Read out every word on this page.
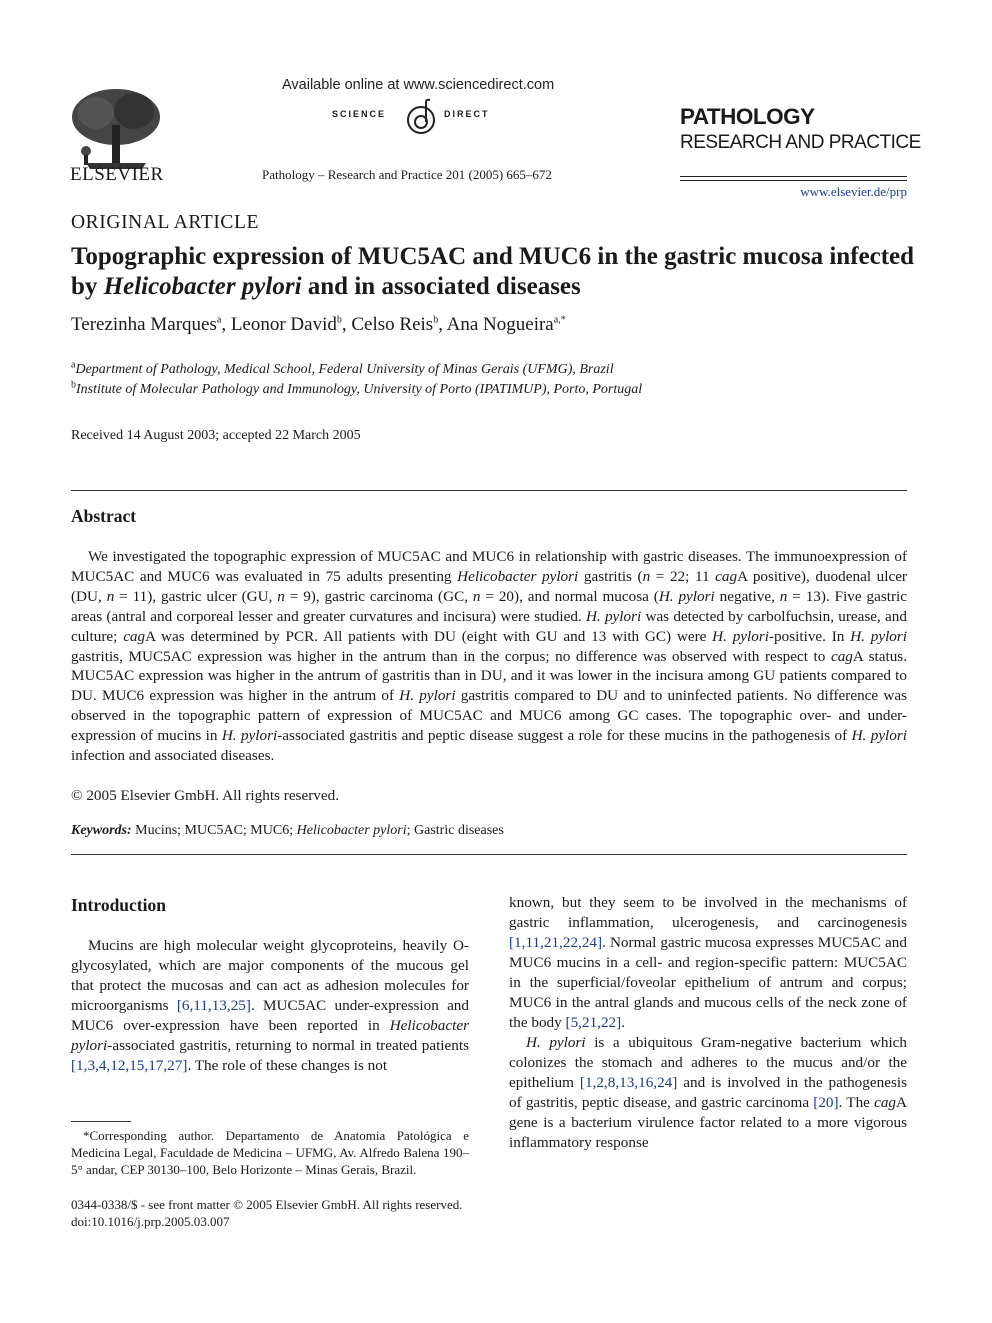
ELSEVIER
Available online at www.sciencedirect.com
SCIENCE	DIRECT
Pathology – Research and Practice 201 (2005) 665–672
PATHOLOGY
RESEARCH AND PRACTICE
www.elsevier.de/prp
ORIGINAL ARTICLE
Topographic expression of MUC5AC and MUC6 in the gastric mucosa infected by Helicobacter pylori and in associated diseases
Terezinha Marques$^a$, Leonor David$^b$, Celso Reis$^b$, Ana Nogueira$^{a,*}$
$^a$Department of Pathology, Medical School, Federal University of Minas Gerais (UFMG), Brazil
$^b$Institute of Molecular Pathology and Immunology, University of Porto (IPATIMUP), Porto, Portugal
Received 14 August 2003; accepted 22 March 2005
Abstract

We investigated the topographic expression of MUC5AC and MUC6 in relationship with gastric diseases. The immunoexpression of MUC5AC and MUC6 was evaluated in 75 adults presenting Helicobacter pylori gastritis (n = 22; 11 cagA positive), duodenal ulcer (DU, n = 11), gastric ulcer (GU, n = 9), gastric carcinoma (GC, n = 20), and normal mucosa (H. pylori negative, n = 13). Five gastric areas (antral and corporeal lesser and greater curvatures and incisura) were studied. H. pylori was detected by carbolfuchsin, urease, and culture; cagA was determined by PCR. All patients with DU (eight with GU and 13 with GC) were H. pylori-positive. In H. pylori gastritis, MUC5AC expression was higher in the antrum than in the corpus; no difference was observed with respect to cagA status. MUC5AC expression was higher in the antrum of gastritis than in DU, and it was lower in the incisura among GU patients compared to DU. MUC6 expression was higher in the antrum of H. pylori gastritis compared to DU and to uninfected patients. No difference was observed in the topographic pattern of expression of MUC5AC and MUC6 among GC cases. The topographic over- and under-expression of mucins in H. pylori-associated gastritis and peptic disease suggest a role for these mucins in the pathogenesis of H. pylori infection and associated diseases.

© 2005 Elsevier GmbH. All rights reserved.
Keywords: Mucins; MUC5AC; MUC6; Helicobacter pylori; Gastric diseases
Introduction

Mucins are high molecular weight glycoproteins, heavily O-glycosylated, which are major components of the mucous gel that protect the mucosas and can act as adhesion molecules for microorganisms [6,11,13,25]. MUC5AC under-expression and MUC6 over-expression have been reported in Helicobacter pylori-associated gastritis, returning to normal in treated patients [1,3,4,12,15,17,27]. The role of these changes is not

known, but they seem to be involved in the mechanisms of gastric inflammation, ulcerogenesis, and carcinogenesis [1,11,21,22,24]. Normal gastric mucosa expresses MUC5AC and MUC6 mucins in a cell- and region-specific pattern: MUC5AC in the superficial/foveolar epithelium of antrum and corpus; MUC6 in the antral glands and mucous cells of the neck zone of the body [5,21,22].

H. pylori is a ubiquitous Gram-negative bacterium which colonizes the stomach and adheres to the mucus and/or the epithelium [1,2,8,13,16,24] and is involved in the pathogenesis of gastritis, peptic disease, and gastric carcinoma [20]. The cagA gene is a bacterium virulence factor related to a more vigorous inflammatory response

*Corresponding author. Departamento de Anatomia Patológica e Medicina Legal, Faculdade de Medicina – UFMG, Av. Alfredo Balena 190–5° andar, CEP 30130–100, Belo Horizonte – Minas Gerais, Brazil.

0344-0338/$ - see front matter © 2005 Elsevier GmbH. All rights reserved.
doi:10.1016/j.prp.2005.03.007
